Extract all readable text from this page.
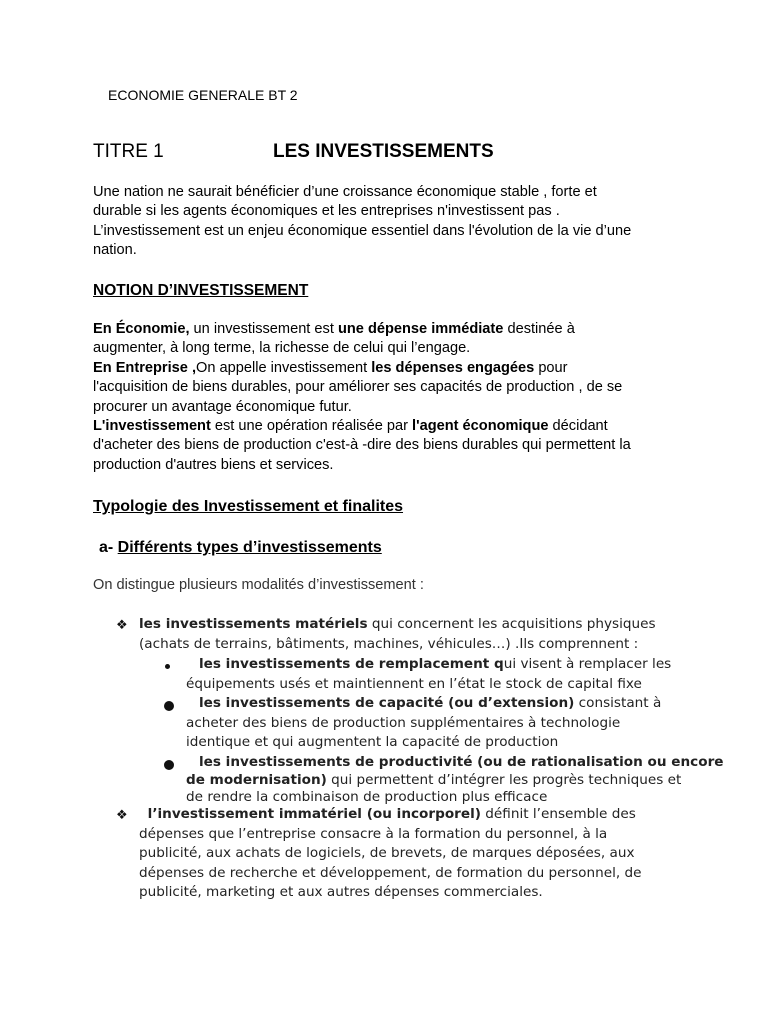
ECONOMIE GENERALE BT 2
TITRE 1	LES INVESTISSEMENTS
Une nation ne saurait bénéficier d’une croissance économique stable , forte et
durable si les agents économiques et les entreprises n'investissent pas .
L’investissement est un enjeu économique essentiel dans l'évolution de la vie d’une
nation.
NOTION D’INVESTISSEMENT
En Économie, un investissement est une dépense immédiate destinée à
augmenter, à long terme, la richesse de celui qui l’engage.
En Entreprise ,On appelle investissement les dépenses engagées pour
l'acquisition de biens durables, pour améliorer ses capacités de production , de se
procurer un avantage économique futur.
L'investissement est une opération réalisée par l'agent économique décidant
d'acheter des biens de production c'est-à -dire des biens durables qui permettent la
production d'autres biens et services.
Typologie des Investissement et finalites
a- Différents types d’investissements
On distingue plusieurs modalités d’investissement :
❖ les investissements matériels qui concernent les acquisitions physiques
(achats de terrains, bâtiments, machines, véhicules…) .Ils comprennent :
les investissements de remplacement qui visent à remplacer les
équipements usés et maintiennent en l’état le stock de capital fixe
les investissements de capacité (ou d’extension) consistant à
acheter des biens de production supplémentaires à technologie
identique et qui augmentent la capacité de production
les investissements de productivité (ou de rationalisation ou encore
de modernisation) qui permettent d’intégrer les progrès techniques et
de rendre la combinaison de production plus efficace
❖	l’investissement immatériel (ou incorporel) définit l’ensemble des
dépenses que l’entreprise consacre à la formation du personnel, à la
publicité, aux achats de logiciels, de brevets, de marques déposées, aux
dépenses de recherche et développement, de formation du personnel, de
publicité, marketing et aux autres dépenses commerciales.
